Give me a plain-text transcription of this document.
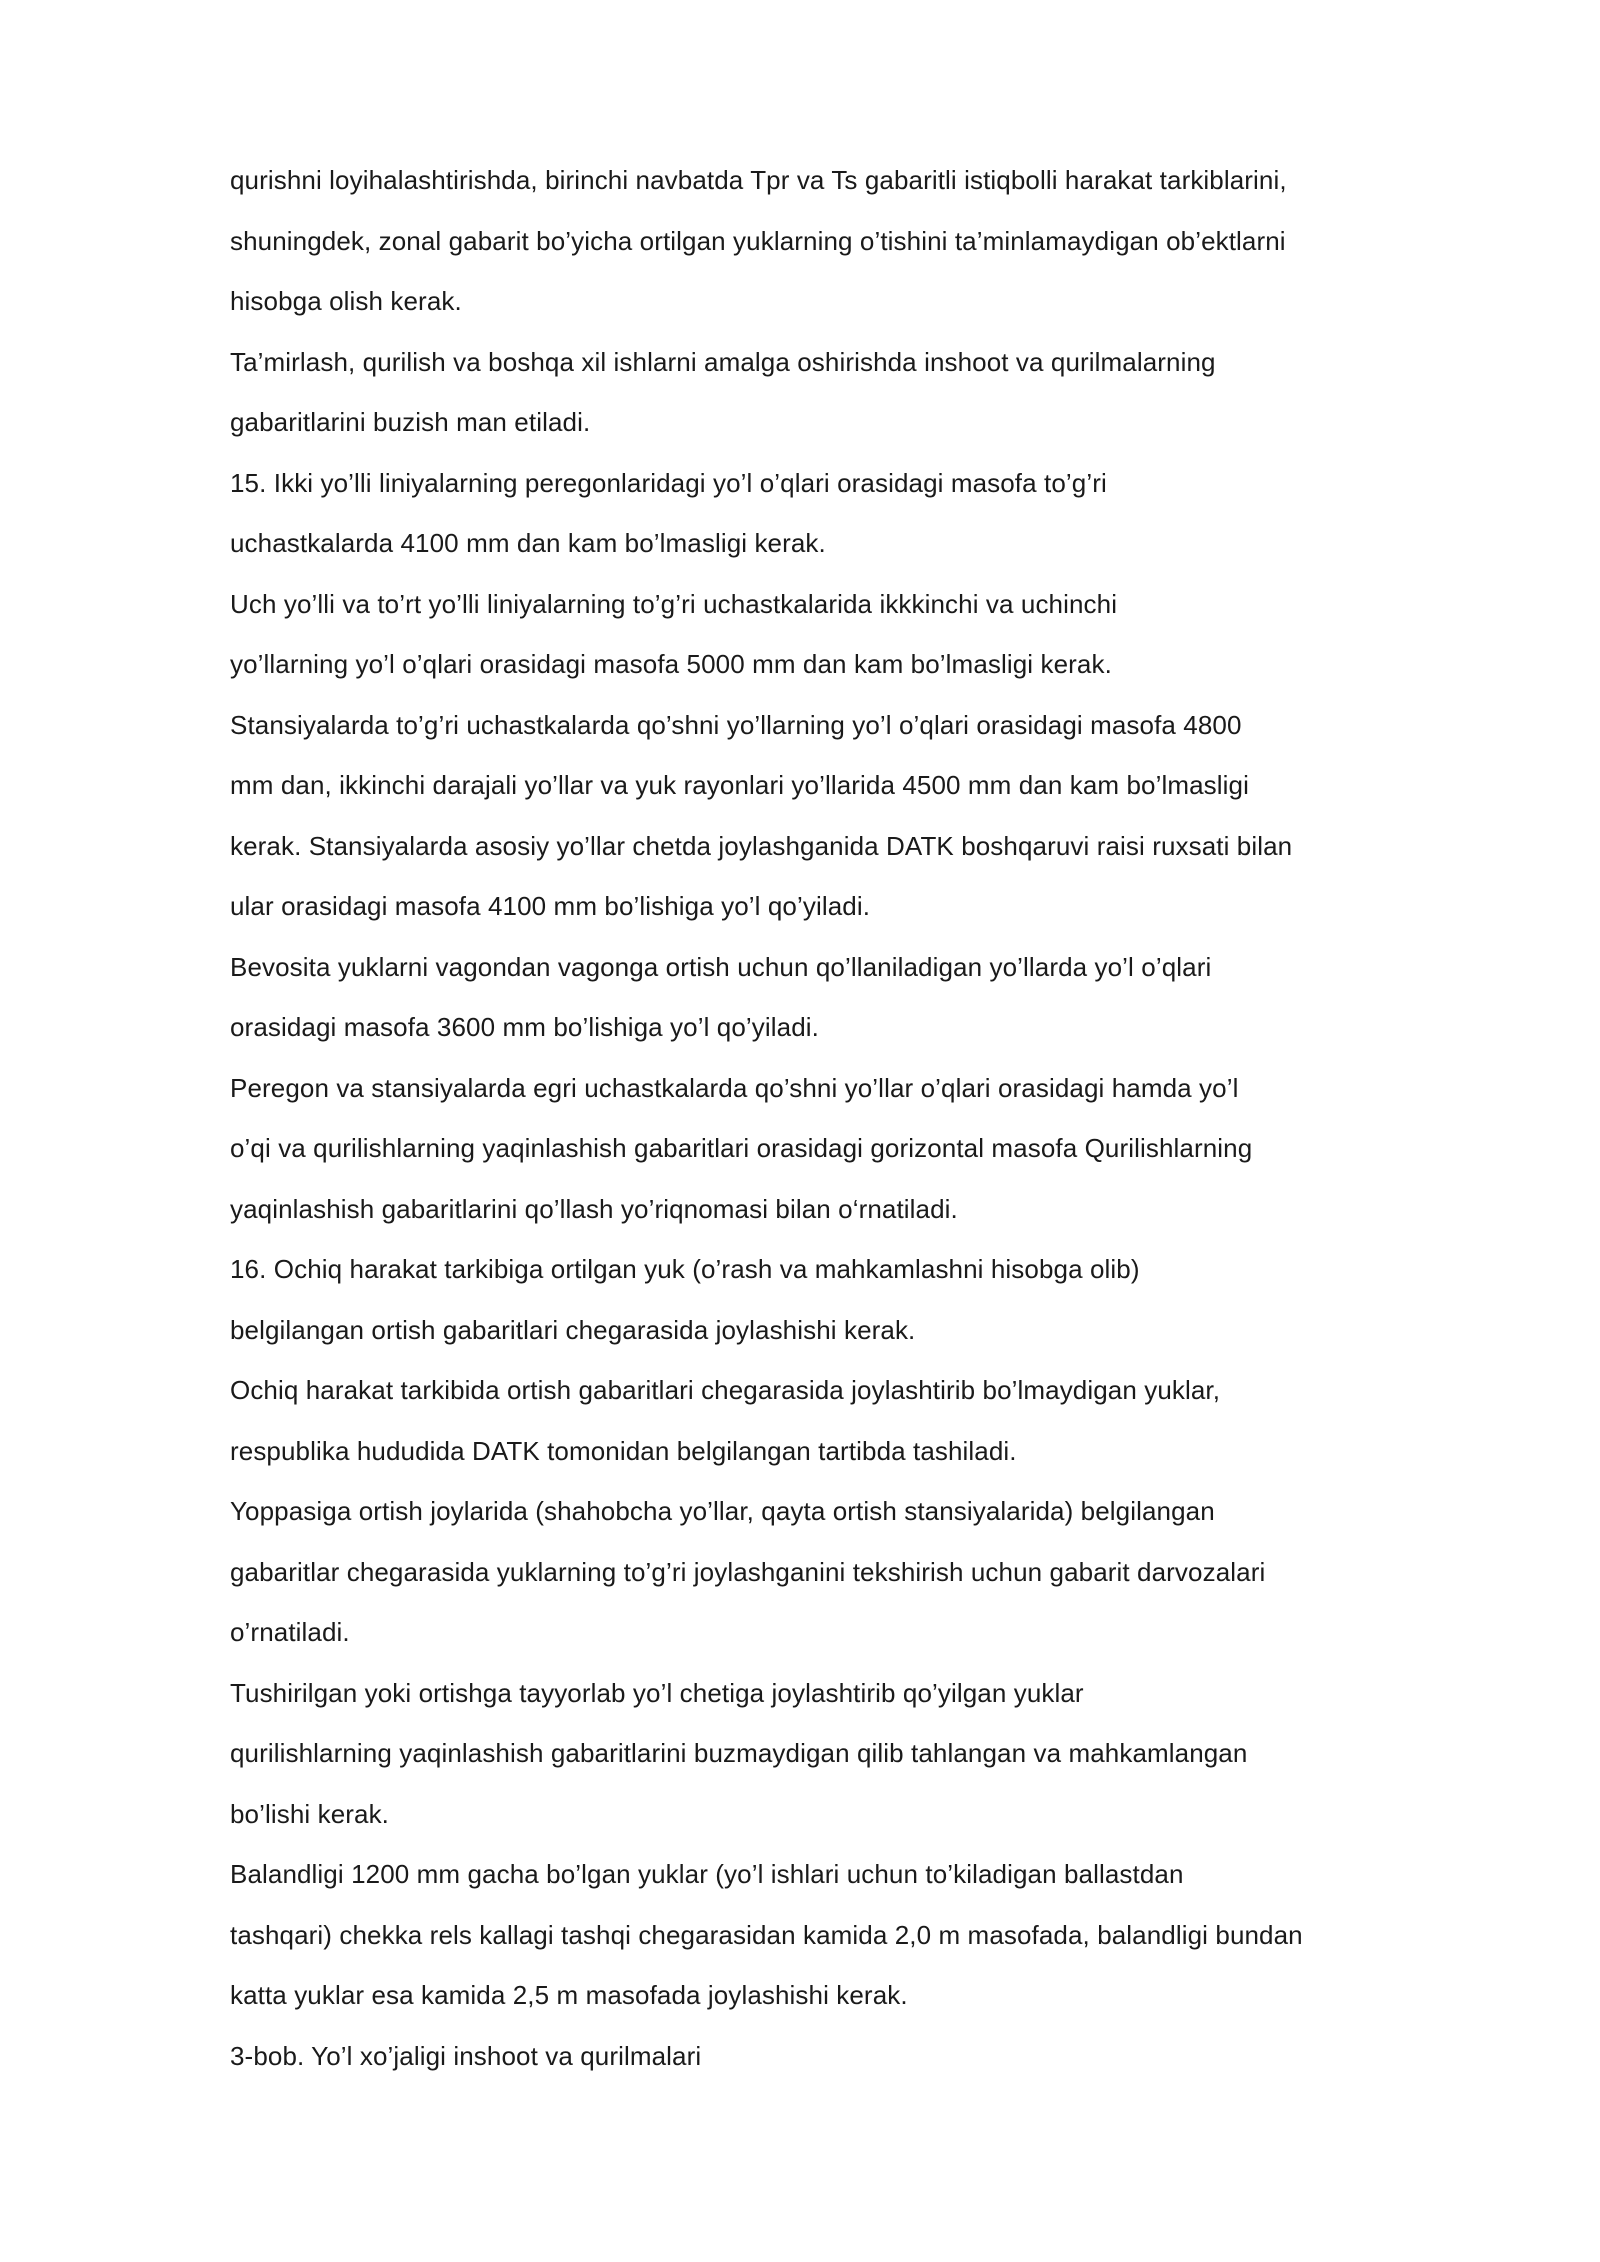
qurishni loyihalashtirishda, birinchi navbatda Tpr va Ts gabaritli istiqbolli harakat tarkiblarini,
shuningdek, zonal gabarit bo’yicha ortilgan yuklarning o’tishini ta’minlamaydigan ob’ektlarni
hisobga olish kerak.
Ta’mirlash, qurilish va boshqa xil ishlarni amalga oshirishda inshoot va qurilmalarning
gabaritlarini buzish man etiladi.
15. Ikki yo’lli liniyalarning peregonlaridagi yo’l o’qlari orasidagi masofa to’g’ri
uchastkalarda 4100 mm dan kam bo’lmasligi kerak.
Uch yo’lli va to’rt yo’lli liniyalarning to’g’ri uchastkalarida ikkkinchi va uchinchi
yo’llarning yo’l o’qlari orasidagi masofa 5000 mm dan kam bo’lmasligi kerak.
Stansiyalarda to’g’ri uchastkalarda qo’shni yo’llarning yo’l o’qlari orasidagi masofa 4800
mm dan, ikkinchi darajali yo’llar va yuk rayonlari yo’llarida 4500 mm dan kam bo’lmasligi
kerak. Stansiyalarda asosiy yo’llar chetda joylashganida DATK boshqaruvi raisi ruxsati bilan
ular orasidagi masofa 4100 mm bo’lishiga yo’l qo’yiladi.
Bevosita yuklarni vagondan vagonga ortish uchun qo’llaniladigan yo’llarda yo’l o’qlari
orasidagi masofa 3600 mm bo’lishiga yo’l qo’yiladi.
Peregon va stansiyalarda egri uchastkalarda qo’shni yo’llar o’qlari orasidagi hamda yo’l
o’qi va qurilishlarning yaqinlashish gabaritlari orasidagi gorizontal masofa Qurilishlarning
yaqinlashish gabaritlarini qo’llash yo’riqnomasi bilan o‘rnatiladi.
16. Ochiq harakat tarkibiga ortilgan yuk (o’rash va mahkamlashni hisobga olib)
belgilangan ortish gabaritlari chegarasida joylashishi kerak.
Ochiq harakat tarkibida ortish gabaritlari chegarasida joylashtirib bo’lmaydigan yuklar,
respublika hududida DATK tomonidan belgilangan tartibda tashiladi.
Yoppasiga ortish joylarida (shahobcha yo’llar, qayta ortish stansiyalarida) belgilangan
gabaritlar chegarasida yuklarning to’g’ri joylashganini tekshirish uchun gabarit darvozalari
o’rnatiladi.
Tushirilgan yoki ortishga tayyorlab yo’l chetiga joylashtirib qo’yilgan yuklar
qurilishlarning yaqinlashish gabaritlarini buzmaydigan qilib tahlangan va mahkamlangan
bo’lishi kerak.
Balandligi 1200 mm gacha bo’lgan yuklar (yo’l ishlari uchun to’kiladigan ballastdan
tashqari) chekka rels kallagi tashqi chegarasidan kamida 2,0 m masofada, balandligi bundan
katta yuklar esa kamida 2,5 m masofada joylashishi kerak.
3-bob. Yo’l xo’jaligi inshoot va qurilmalari
